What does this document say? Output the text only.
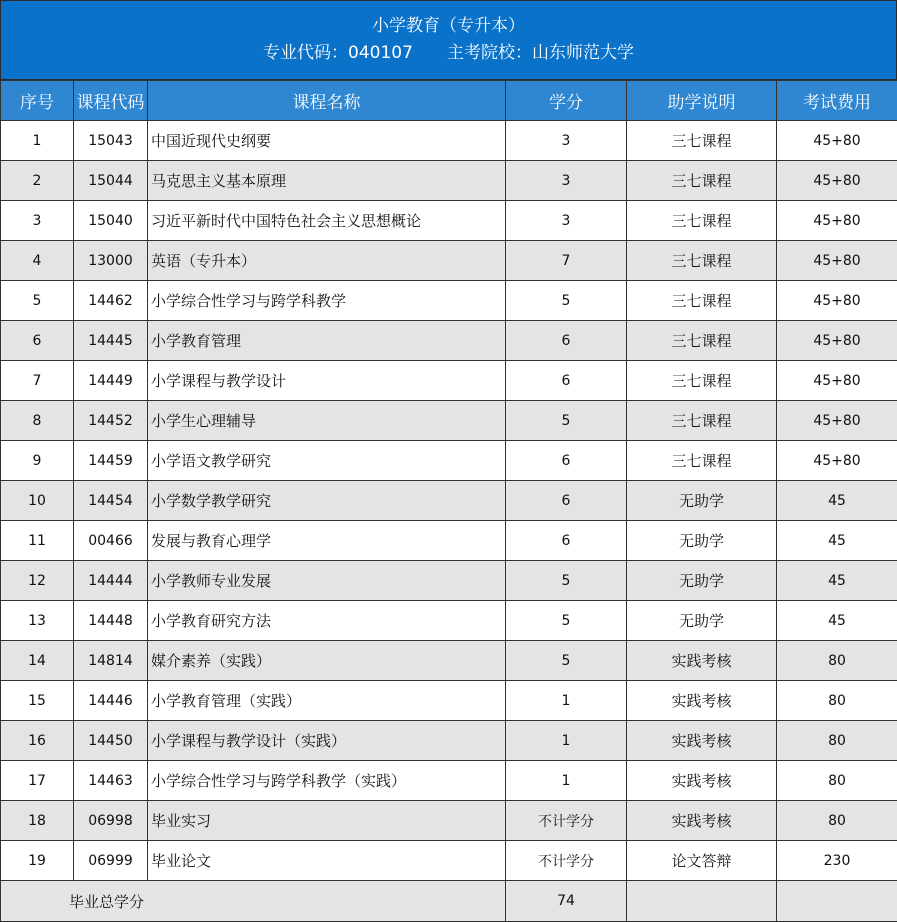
小学教育（专升本）
专业代码：040107　　主考院校：山东师范大学
序号	课程代码	课程名称	学分	助学说明	考试费用
1	15043	中国近现代史纲要	3	三七课程	45+80
2	15044	马克思主义基本原理	3	三七课程	45+80
3	15040	习近平新时代中国特色社会主义思想概论	3	三七课程	45+80
4	13000	英语（专升本）	7	三七课程	45+80
5	14462	小学综合性学习与跨学科教学	5	三七课程	45+80
6	14445	小学教育管理	6	三七课程	45+80
7	14449	小学课程与教学设计	6	三七课程	45+80
8	14452	小学生心理辅导	5	三七课程	45+80
9	14459	小学语文教学研究	6	三七课程	45+80
10	14454	小学数学教学研究	6	无助学	45
11	00466	发展与教育心理学	6	无助学	45
12	14444	小学教师专业发展	5	无助学	45
13	14448	小学教育研究方法	5	无助学	45
14	14814	媒介素养（实践）	5	实践考核	80
15	14446	小学教育管理（实践）	1	实践考核	80
16	14450	小学课程与教学设计（实践）	1	实践考核	80
17	14463	小学综合性学习与跨学科教学（实践）	1	实践考核	80
18	06998	毕业实习	不计学分	实践考核	80
19	06999	毕业论文	不计学分	论文答辩	230
毕业总学分			74		
